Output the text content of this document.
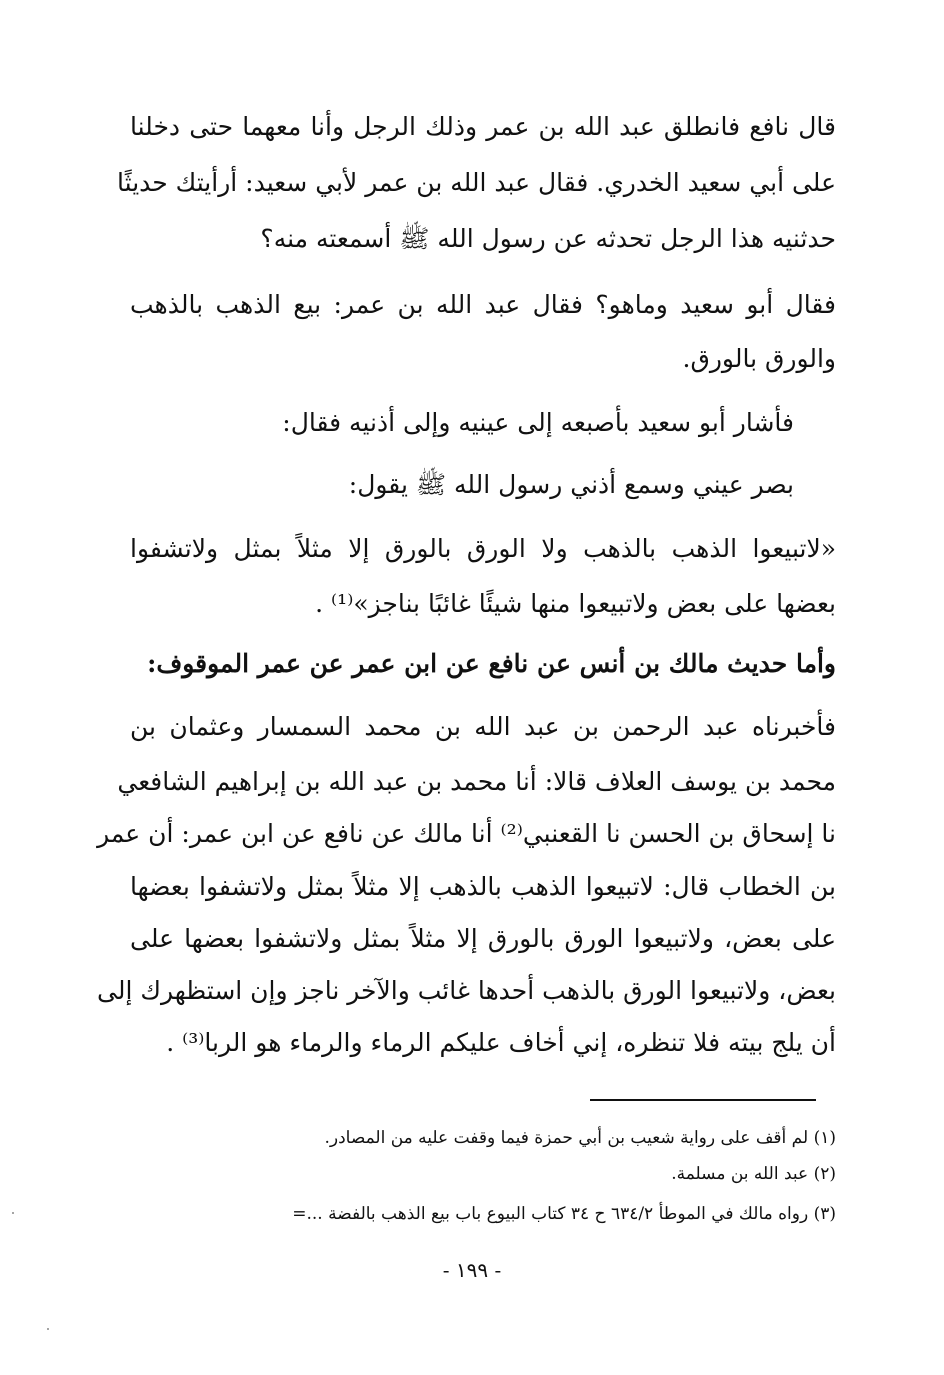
قال نافع فانطلق عبد الله بن عمر وذلك الرجل وأنا معهما حتى دخلنا
على أبي سعيد الخدري. فقال عبد الله بن عمر لأبي سعيد: أرأيتك حديثًا
حدثنيه هذا الرجل تحدثه عن رسول الله ﷺ أسمعته منه؟
فقال أبو سعيد وماهو؟ فقال عبد الله بن عمر: بيع الذهب بالذهب
والورق بالورق.
فأشار أبو سعيد بأصبعه إلى عينيه وإلى أذنيه فقال:
بصر عيني وسمع أذني رسول الله ﷺ يقول:
«لاتبيعوا الذهب بالذهب ولا الورق بالورق إلا مثلاً بمثل ولاتشفوا
بعضها على بعض ولاتبيعوا منها شيئًا غائبًا بناجز»⁽¹⁾ .
وأما حديث مالك بن أنس عن نافع عن ابن عمر عن عمر الموقوف:
فأخبرناه عبد الرحمن بن عبد الله بن محمد السمسار وعثمان بن
محمد بن يوسف العلاف قالا: أنا محمد بن عبد الله بن إبراهيم الشافعي
نا إسحاق بن الحسن نا القعنبي⁽²⁾ أنا مالك عن نافع عن ابن عمر: أن عمر
بن الخطاب قال: لاتبيعوا الذهب بالذهب إلا مثلاً بمثل ولاتشفوا بعضها
على بعض، ولاتبيعوا الورق بالورق إلا مثلاً بمثل ولاتشفوا بعضها على
بعض، ولاتبيعوا الورق بالذهب أحدها غائب والآخر ناجز وإن استظهرك إلى
أن يلج بيته فلا تنظره، إني أخاف عليكم الرماء والرماء هو الربا⁽³⁾ .
(١) لم أقف على رواية شعيب بن أبي حمزة فيما وقفت عليه من المصادر.
(٢) عبد الله بن مسلمة.
(٣) رواه مالك في الموطأ ٦٣٤/٢ ح ٣٤ كتاب البيوع باب بيع الذهب بالفضة ...=
- ١٩٩ -
